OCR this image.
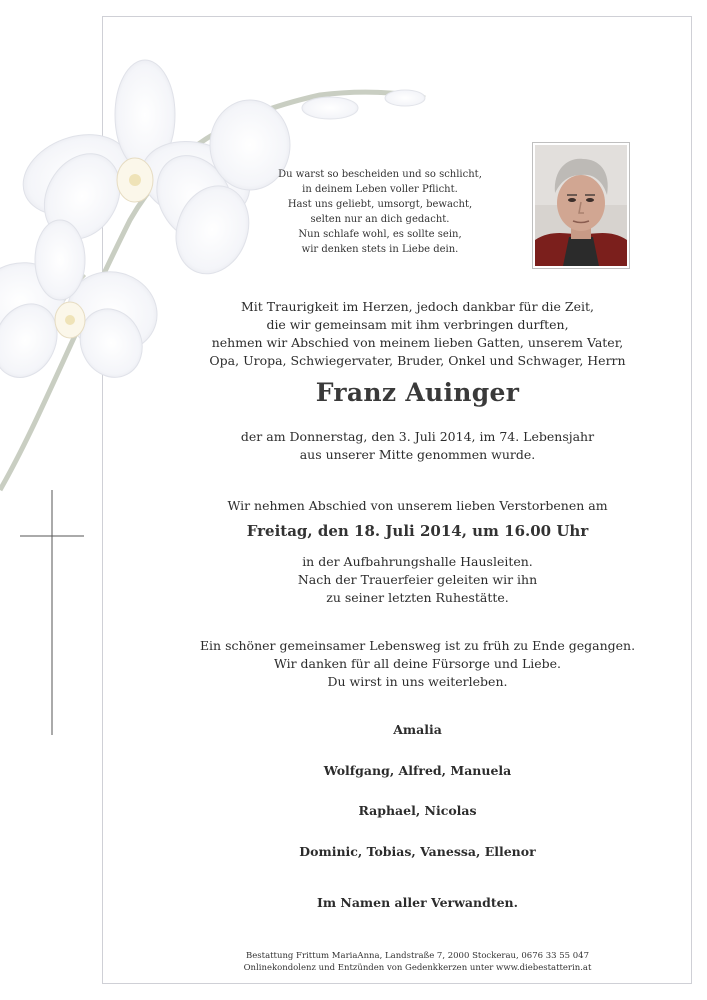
Du warst so bescheiden und so schlicht,
in deinem Leben voller Pflicht.
Hast uns geliebt, umsorgt, bewacht,
selten nur an dich gedacht.
Nun schlafe wohl, es sollte sein,
wir denken stets in Liebe dein.
Mit Traurigkeit im Herzen, jedoch dankbar für die Zeit,
die wir gemeinsam mit ihm verbringen durften,
nehmen wir Abschied von meinem lieben Gatten, unserem Vater,
Opa, Uropa, Schwiegervater, Bruder, Onkel und Schwager, Herrn
Franz Auinger
der am Donnerstag, den 3. Juli 2014, im 74. Lebensjahr
aus unserer Mitte genommen wurde.
Wir nehmen Abschied von unserem lieben Verstorbenen am
Freitag, den 18. Juli 2014, um 16.00 Uhr
in der Aufbahrungshalle Hausleiten.
Nach der Trauerfeier geleiten wir ihn
zu seiner letzten Ruhestätte.
Ein schöner gemeinsamer Lebensweg ist zu früh zu Ende gegangen.
Wir danken für all deine Fürsorge und Liebe.
Du wirst in uns weiterleben.
Amalia
Wolfgang, Alfred, Manuela
Raphael, Nicolas
Dominic, Tobias, Vanessa, Ellenor
Im Namen aller Verwandten.
Bestattung Frittum MariaAnna, Landstraße 7, 2000 Stockerau, 0676 33 55 047
Onlinekondolenz und Entzünden von Gedenkkerzen unter www.diebestatterin.at
